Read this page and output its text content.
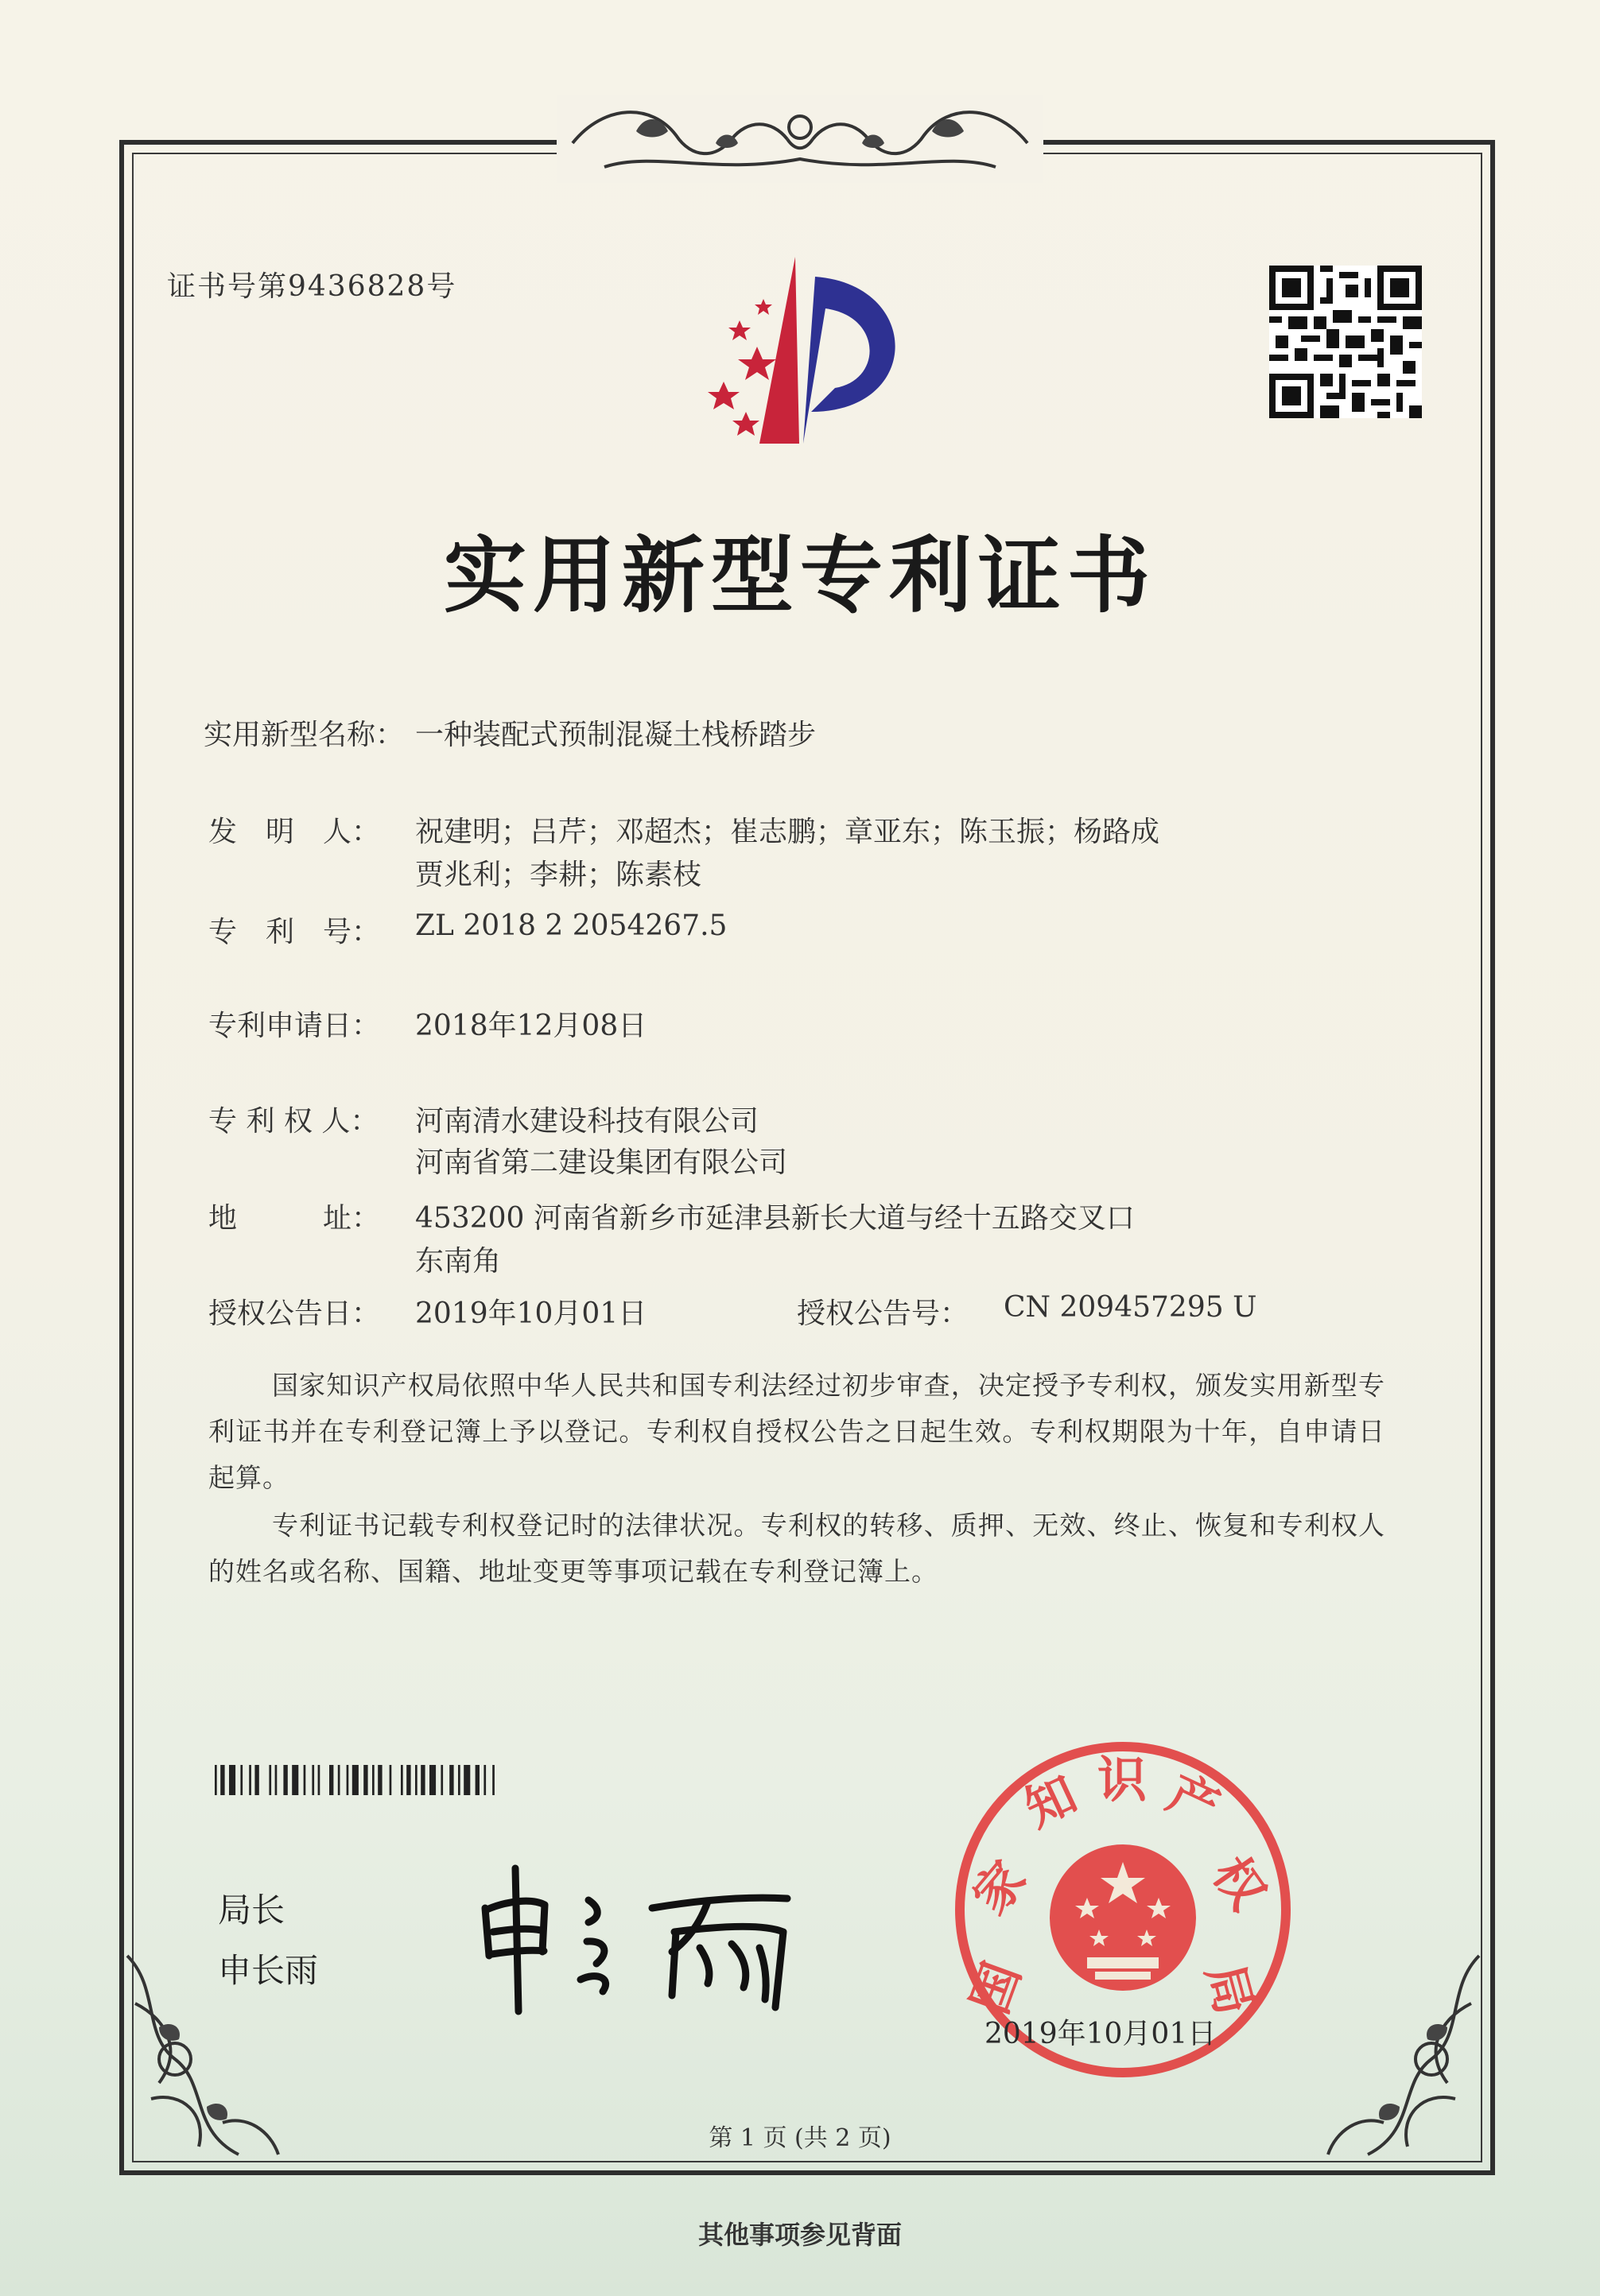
证书号第9436828号
实用新型专利证书
实用新型名称： 一种装配式预制混凝土栈桥踏步
发　明　人： 祝建明；吕芹；邓超杰；崔志鹏；章亚东；陈玉振；杨路成
贾兆利；李耕；陈素枝
专　利　号： ZL 2018 2 2054267.5
专利申请日： 2018年12月08日
专 利 权 人： 河南清水建设科技有限公司
河南省第二建设集团有限公司
地　　　址： 453200 河南省新乡市延津县新长大道与经十五路交叉口
东南角
授权公告日： 2019年10月01日	授权公告号： CN 209457295 U
国家知识产权局依照中华人民共和国专利法经过初步审查，决定授予专利权，颁发实用新型专利证书并在专利登记簿上予以登记。专利权自授权公告之日起生效。专利权期限为十年，自申请日起算。
专利证书记载专利权登记时的法律状况。专利权的转移、质押、无效、终止、恢复和专利权人的姓名或名称、国籍、地址变更等事项记载在专利登记簿上。
局长
申长雨	国
家
知 识 产
权
局
2019年10月01日
第 1 页 (共 2 页)
其他事项参见背面
